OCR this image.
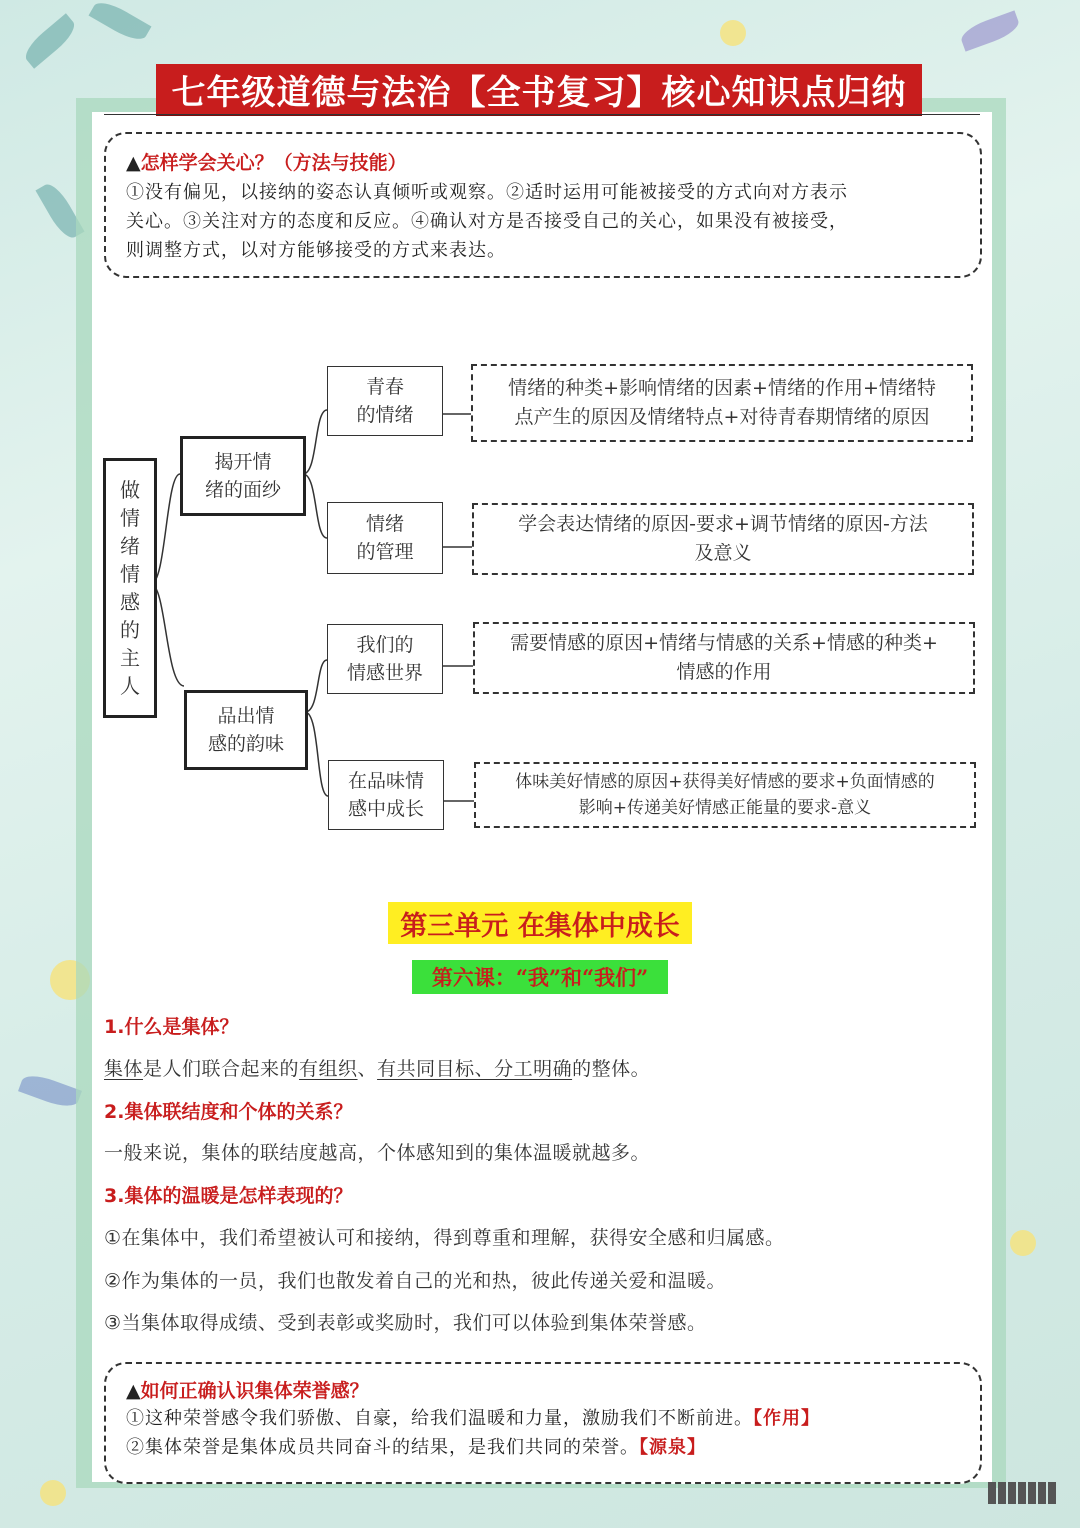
七年级道德与法治【全书复习】核心知识点归纳
▲怎样学会关心？（方法与技能）
①没有偏见，以接纳的姿态认真倾听或观察。②适时运用可能被接受的方式向对方表示
关心。③关注对方的态度和反应。④确认对方是否接受自己的关心，如果没有被接受，
则调整方式，以对方能够接受的方式来表达。
做
情
绪
情
感
的
主
人
揭开情
绪的面纱
品出情
感的韵味
青春
的情绪
情绪
的管理
我们的
情感世界
在品味情
感中成长
情绪的种类+影响情绪的因素+情绪的作用+情绪特
点产生的原因及情绪特点+对待青春期情绪的原因
学会表达情绪的原因-要求+调节情绪的原因-方法
及意义
需要情感的原因+情绪与情感的关系+情感的种类+
情感的作用
体味美好情感的原因+获得美好情感的要求+负面情感的
影响+传递美好情感正能量的要求-意义
第三单元 在集体中成长
第六课：“我”和“我们”
1.什么是集体？
集体是人们联合起来的有组织、有共同目标、分工明确的整体。
2.集体联结度和个体的关系？
一般来说，集体的联结度越高，个体感知到的集体温暖就越多。
3.集体的温暖是怎样表现的？
①在集体中，我们希望被认可和接纳，得到尊重和理解，获得安全感和归属感。
②作为集体的一员，我们也散发着自己的光和热，彼此传递关爱和温暖。
③当集体取得成绩、受到表彰或奖励时，我们可以体验到集体荣誉感。
▲如何正确认识集体荣誉感？
①这种荣誉感令我们骄傲、自豪，给我们温暖和力量，激励我们不断前进。【作用】
②集体荣誉是集体成员共同奋斗的结果，是我们共同的荣誉。【源泉】
